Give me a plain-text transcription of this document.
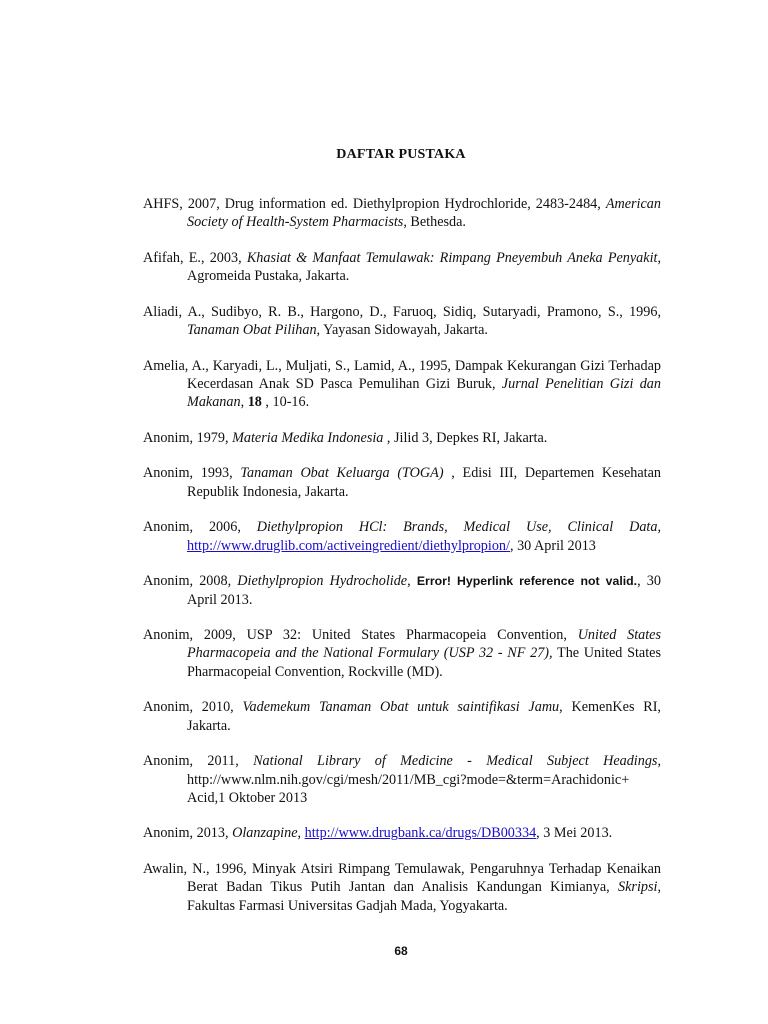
DAFTAR PUSTAKA

AHFS, 2007, Drug information ed. Diethylpropion Hydrochloride, 2483-2484, American Society of Health-System Pharmacists, Bethesda.

Afifah, E., 2003, Khasiat & Manfaat Temulawak: Rimpang Pneyembuh Aneka Penyakit, Agromeida Pustaka, Jakarta.

Aliadi, A., Sudibyo, R. B., Hargono, D., Faruoq, Sidiq, Sutaryadi, Pramono, S., 1996, Tanaman Obat Pilihan, Yayasan Sidowayah, Jakarta.

Amelia, A., Karyadi, L., Muljati, S., Lamid, A., 1995, Dampak Kekurangan Gizi Terhadap Kecerdasan Anak SD Pasca Pemulihan Gizi Buruk, Jurnal Penelitian Gizi dan Makanan, 18 , 10-16.

Anonim, 1979, Materia Medika Indonesia , Jilid 3, Depkes RI, Jakarta.

Anonim, 1993, Tanaman Obat Keluarga (TOGA) , Edisi III, Departemen Kesehatan Republik Indonesia, Jakarta.

Anonim, 2006, Diethylpropion HCl: Brands, Medical Use, Clinical Data, http://www.druglib.com/activeingredient/diethylpropion/, 30 April 2013

Anonim, 2008, Diethylpropion Hydrocholide, Error! Hyperlink reference not valid., 30 April 2013.

Anonim, 2009, USP 32: United States Pharmacopeia Convention, United States Pharmacopeia and the National Formulary (USP 32 - NF 27), The United States Pharmacopeial Convention, Rockville (MD).

Anonim, 2010, Vademekum Tanaman Obat untuk saintifikasi Jamu, KemenKes RI, Jakarta.

Anonim, 2011, National Library of Medicine - Medical Subject Headings, http://www.nlm.nih.gov/cgi/mesh/2011/MB_cgi?mode=&term=Arachidonic+ Acid,1 Oktober 2013

Anonim, 2013, Olanzapine, http://www.drugbank.ca/drugs/DB00334, 3 Mei 2013.

Awalin, N., 1996, Minyak Atsiri Rimpang Temulawak, Pengaruhnya Terhadap Kenaikan Berat Badan Tikus Putih Jantan dan Analisis Kandungan Kimianya, Skripsi, Fakultas Farmasi Universitas Gadjah Mada, Yogyakarta.

68
